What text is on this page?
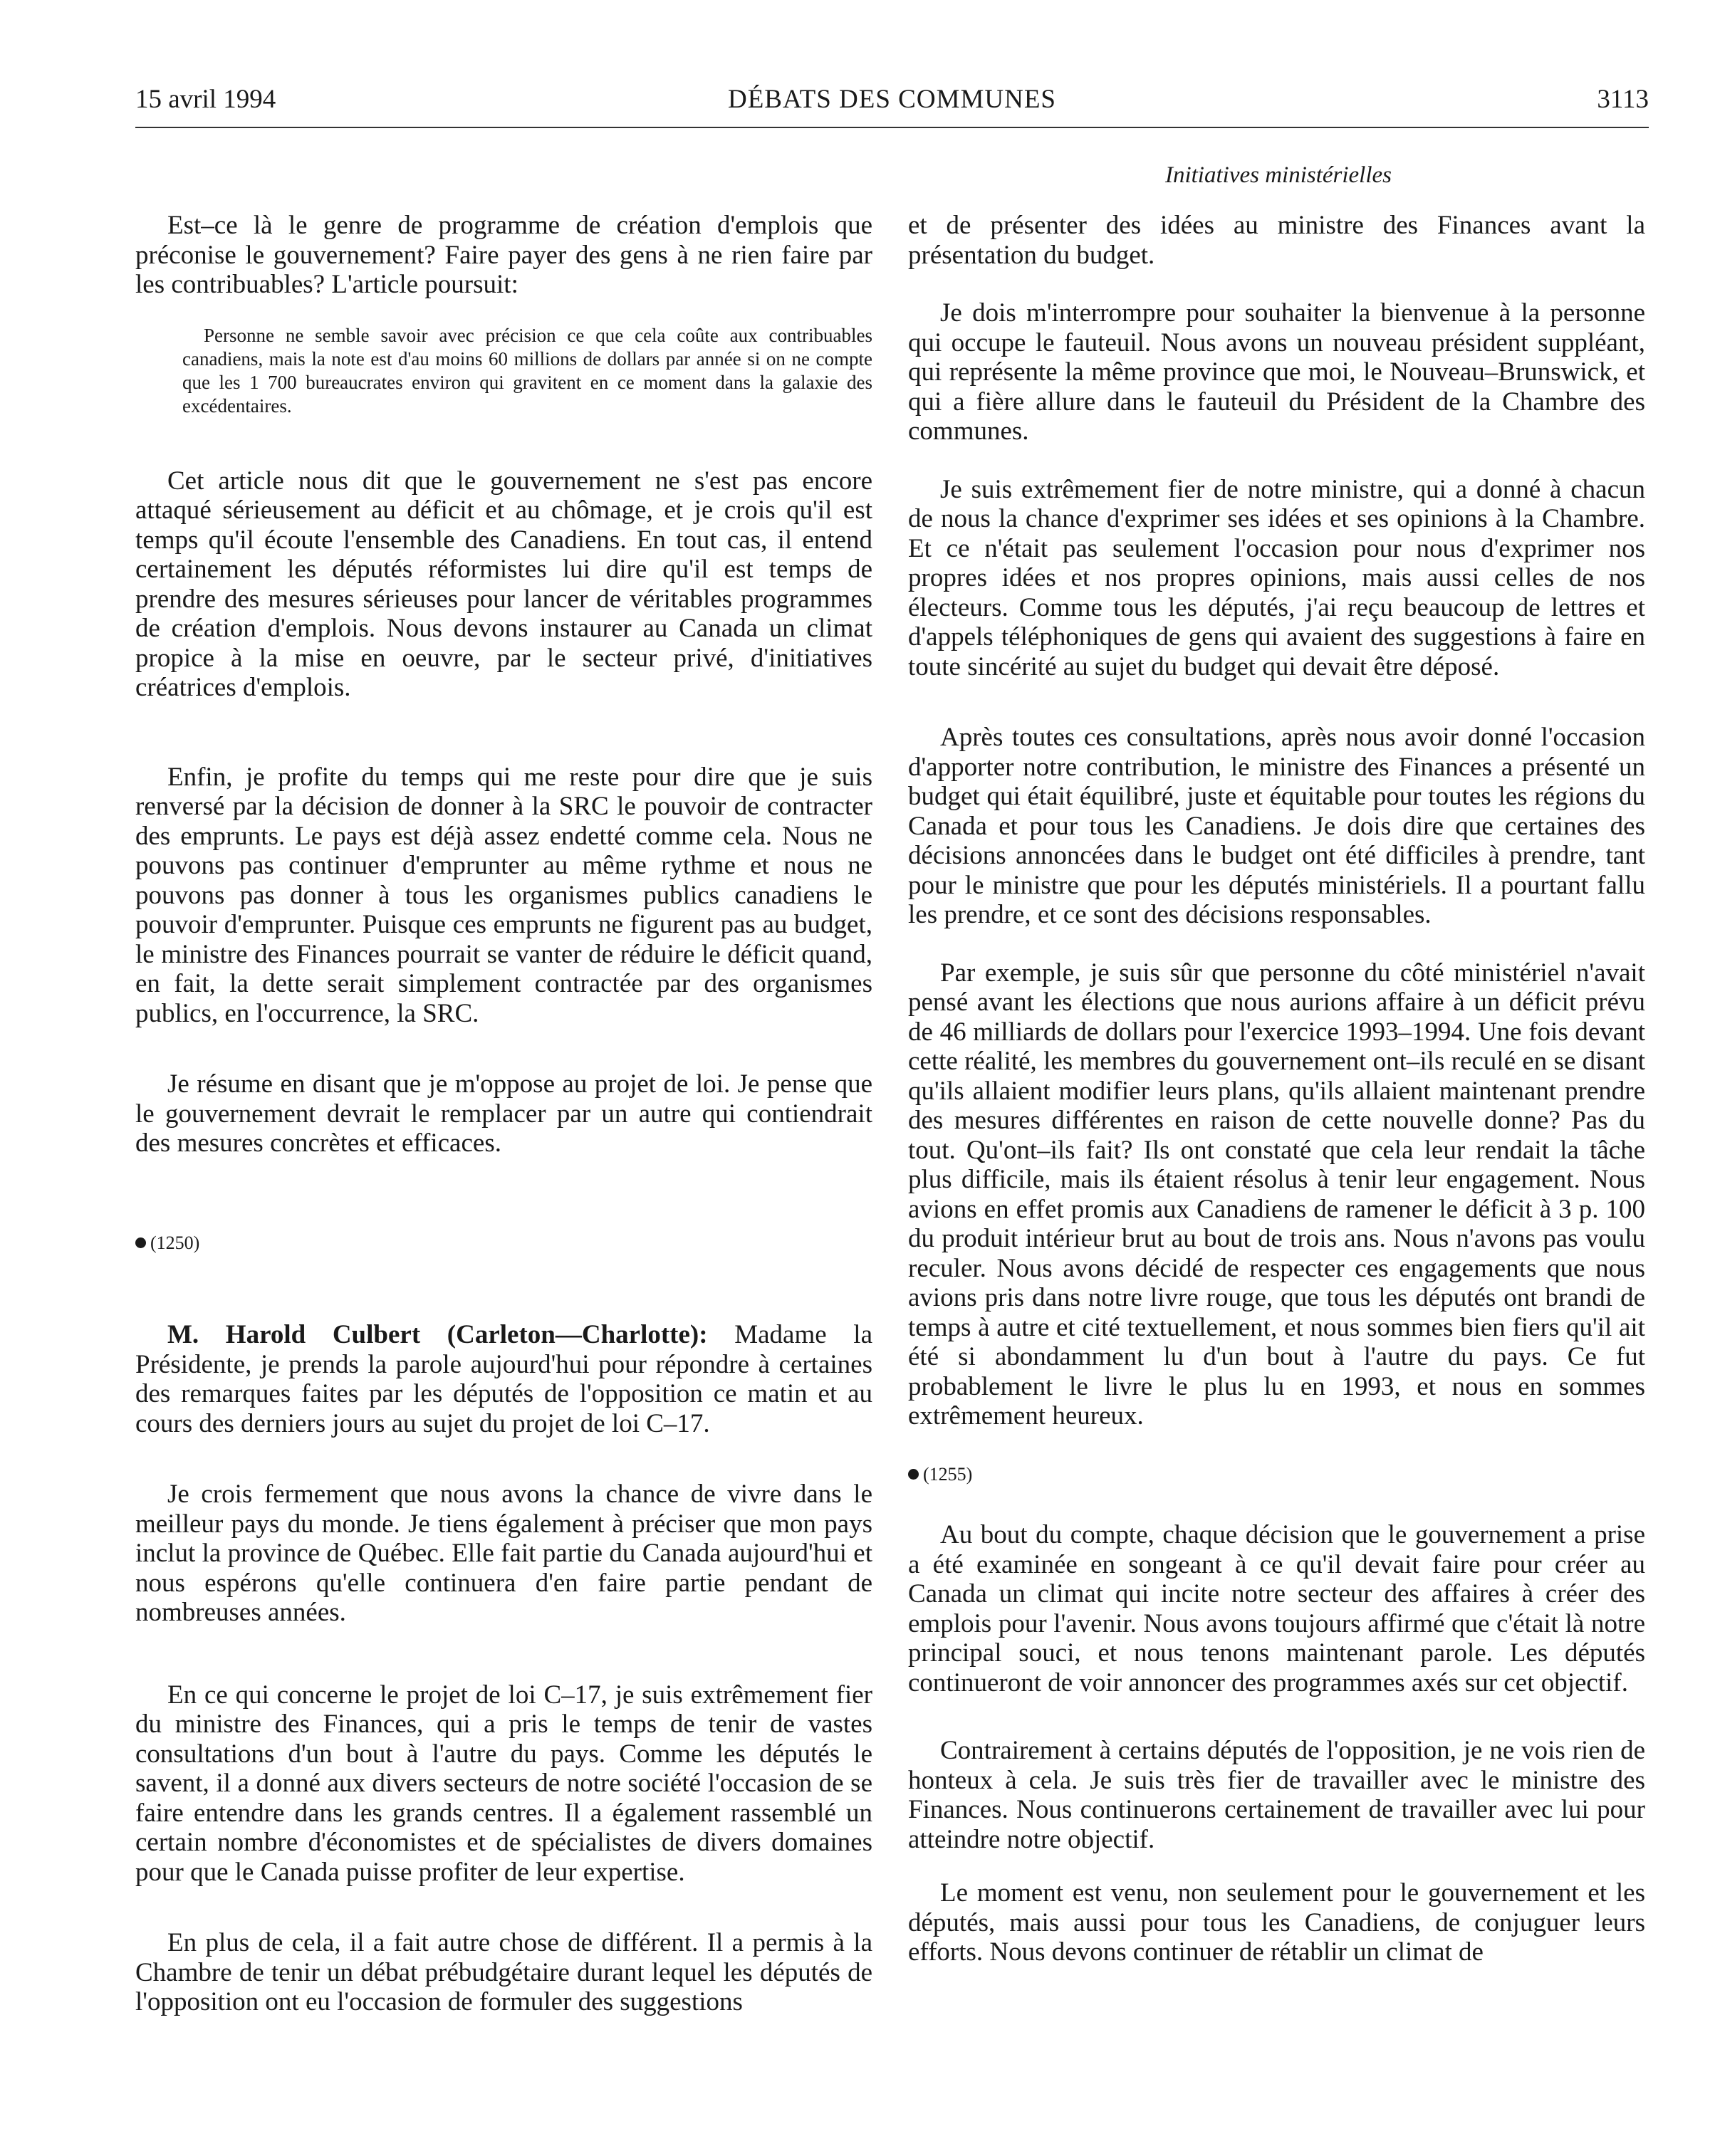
15 avril 1994	DÉBATS DES COMMUNES	3113
Initiatives ministérielles

Est–ce là le genre de programme de création d'emplois que préconise le gouvernement? Faire payer des gens à ne rien faire par les contribuables? L'article poursuit:

Personne ne semble savoir avec précision ce que cela coûte aux contribuables canadiens, mais la note est d'au moins 60 millions de dollars par année si on ne compte que les 1 700 bureaucrates environ qui gravitent en ce moment dans la galaxie des excédentaires.

Cet article nous dit que le gouvernement ne s'est pas encore attaqué sérieusement au déficit et au chômage, et je crois qu'il est temps qu'il écoute l'ensemble des Canadiens. En tout cas, il entend certainement les députés réformistes lui dire qu'il est temps de prendre des mesures sérieuses pour lancer de véritables programmes de création d'emplois. Nous devons instaurer au Canada un climat propice à la mise en oeuvre, par le secteur privé, d'initiatives créatrices d'emplois.

Enfin, je profite du temps qui me reste pour dire que je suis renversé par la décision de donner à la SRC le pouvoir de contracter des emprunts. Le pays est déjà assez endetté comme cela. Nous ne pouvons pas continuer d'emprunter au même rythme et nous ne pouvons pas donner à tous les organismes publics canadiens le pouvoir d'emprunter. Puisque ces emprunts ne figurent pas au budget, le ministre des Finances pourrait se vanter de réduire le déficit quand, en fait, la dette serait simplement contractée par des organismes publics, en l'occurrence, la SRC.

Je résume en disant que je m'oppose au projet de loi. Je pense que le gouvernement devrait le remplacer par un autre qui contiendrait des mesures concrètes et efficaces.

(1250)

M. Harold Culbert (Carleton—Charlotte): Madame la Présidente, je prends la parole aujourd'hui pour répondre à certaines des remarques faites par les députés de l'opposition ce matin et au cours des derniers jours au sujet du projet de loi C–17.

Je crois fermement que nous avons la chance de vivre dans le meilleur pays du monde. Je tiens également à préciser que mon pays inclut la province de Québec. Elle fait partie du Canada aujourd'hui et nous espérons qu'elle continuera d'en faire partie pendant de nombreuses années.

En ce qui concerne le projet de loi C–17, je suis extrêmement fier du ministre des Finances, qui a pris le temps de tenir de vastes consultations d'un bout à l'autre du pays. Comme les députés le savent, il a donné aux divers secteurs de notre société l'occasion de se faire entendre dans les grands centres. Il a également rassemblé un certain nombre d'économistes et de spécialistes de divers domaines pour que le Canada puisse profiter de leur expertise.

En plus de cela, il a fait autre chose de différent. Il a permis à la Chambre de tenir un débat prébudgétaire durant lequel les députés de l'opposition ont eu l'occasion de formuler des suggestions

et de présenter des idées au ministre des Finances avant la présentation du budget.

Je dois m'interrompre pour souhaiter la bienvenue à la personne qui occupe le fauteuil. Nous avons un nouveau président suppléant, qui représente la même province que moi, le Nouveau–Brunswick, et qui a fière allure dans le fauteuil du Président de la Chambre des communes.

Je suis extrêmement fier de notre ministre, qui a donné à chacun de nous la chance d'exprimer ses idées et ses opinions à la Chambre. Et ce n'était pas seulement l'occasion pour nous d'exprimer nos propres idées et nos propres opinions, mais aussi celles de nos électeurs. Comme tous les députés, j'ai reçu beaucoup de lettres et d'appels téléphoniques de gens qui avaient des suggestions à faire en toute sincérité au sujet du budget qui devait être déposé.

Après toutes ces consultations, après nous avoir donné l'occasion d'apporter notre contribution, le ministre des Finances a présenté un budget qui était équilibré, juste et équitable pour toutes les régions du Canada et pour tous les Canadiens. Je dois dire que certaines des décisions annoncées dans le budget ont été difficiles à prendre, tant pour le ministre que pour les députés ministériels. Il a pourtant fallu les prendre, et ce sont des décisions responsables.

Par exemple, je suis sûr que personne du côté ministériel n'avait pensé avant les élections que nous aurions affaire à un déficit prévu de 46 milliards de dollars pour l'exercice 1993–1994. Une fois devant cette réalité, les membres du gouvernement ont–ils reculé en se disant qu'ils allaient modifier leurs plans, qu'ils allaient maintenant prendre des mesures différentes en raison de cette nouvelle donne? Pas du tout. Qu'ont–ils fait? Ils ont constaté que cela leur rendait la tâche plus difficile, mais ils étaient résolus à tenir leur engagement. Nous avions en effet promis aux Canadiens de ramener le déficit à 3 p. 100 du produit intérieur brut au bout de trois ans. Nous n'avons pas voulu reculer. Nous avons décidé de respecter ces engagements que nous avions pris dans notre livre rouge, que tous les députés ont brandi de temps à autre et cité textuellement, et nous sommes bien fiers qu'il ait été si abondamment lu d'un bout à l'autre du pays. Ce fut probablement le livre le plus lu en 1993, et nous en sommes extrêmement heureux.

(1255)

Au bout du compte, chaque décision que le gouvernement a prise a été examinée en songeant à ce qu'il devait faire pour créer au Canada un climat qui incite notre secteur des affaires à créer des emplois pour l'avenir. Nous avons toujours affirmé que c'était là notre principal souci, et nous tenons maintenant parole. Les députés continueront de voir annoncer des programmes axés sur cet objectif.

Contrairement à certains députés de l'opposition, je ne vois rien de honteux à cela. Je suis très fier de travailler avec le ministre des Finances. Nous continuerons certainement de travailler avec lui pour atteindre notre objectif.

Le moment est venu, non seulement pour le gouvernement et les députés, mais aussi pour tous les Canadiens, de conjuguer leurs efforts. Nous devons continuer de rétablir un climat de
